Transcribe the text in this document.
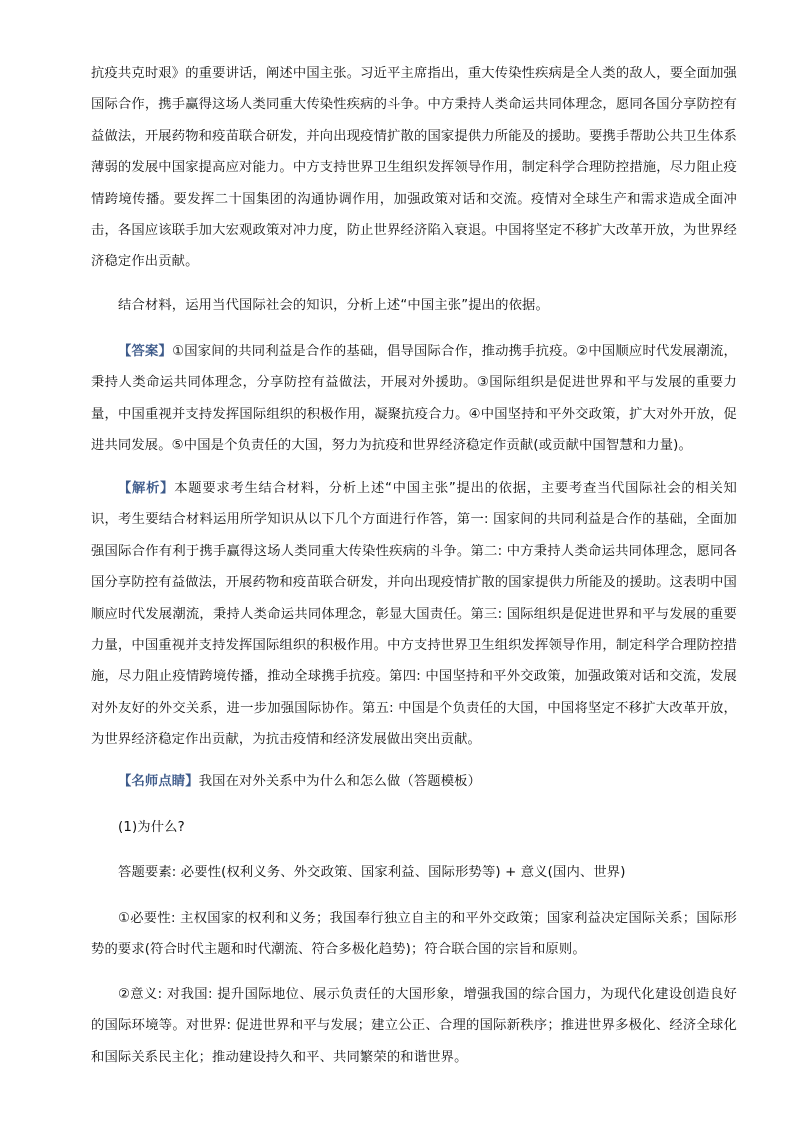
抗疫共克时艰》的重要讲话，阐述中国主张。习近平主席指出，重大传染性疾病是全人类的敌人，要全面加强国际合作，携手赢得这场人类同重大传染性疾病的斗争。中方秉持人类命运共同体理念，愿同各国分享防控有益做法，开展药物和疫苗联合研发，并向出现疫情扩散的国家提供力所能及的援助。要携手帮助公共卫生体系薄弱的发展中国家提高应对能力。中方支持世界卫生组织发挥领导作用，制定科学合理防控措施，尽力阻止疫情跨境传播。要发挥二十国集团的沟通协调作用，加强政策对话和交流。疫情对全球生产和需求造成全面冲击，各国应该联手加大宏观政策对冲力度，防止世界经济陷入衰退。中国将坚定不移扩大改革开放，为世界经济稳定作出贡献。

结合材料，运用当代国际社会的知识，分析上述“中国主张”提出的依据。

【答案】①国家间的共同利益是合作的基础，倡导国际合作，推动携手抗疫。②中国顺应时代发展潮流，秉持人类命运共同体理念，分享防控有益做法，开展对外援助。③国际组织是促进世界和平与发展的重要力量，中国重视并支持发挥国际组织的积极作用，凝聚抗疫合力。④中国坚持和平外交政策，扩大对外开放，促进共同发展。⑤中国是个负责任的大国，努力为抗疫和世界经济稳定作贡献(或贡献中国智慧和力量)。

【解析】本题要求考生结合材料，分析上述“中国主张”提出的依据，主要考查当代国际社会的相关知识，考生要结合材料运用所学知识从以下几个方面进行作答，第一: 国家间的共同利益是合作的基础，全面加强国际合作有利于携手赢得这场人类同重大传染性疾病的斗争。第二: 中方秉持人类命运共同体理念，愿同各国分享防控有益做法，开展药物和疫苗联合研发，并向出现疫情扩散的国家提供力所能及的援助。这表明中国顺应时代发展潮流，秉持人类命运共同体理念，彰显大国责任。第三: 国际组织是促进世界和平与发展的重要力量，中国重视并支持发挥国际组织的积极作用。中方支持世界卫生组织发挥领导作用，制定科学合理防控措施，尽力阻止疫情跨境传播，推动全球携手抗疫。第四: 中国坚持和平外交政策，加强政策对话和交流，发展对外友好的外交关系，进一步加强国际协作。第五: 中国是个负责任的大国，中国将坚定不移扩大改革开放，为世界经济稳定作出贡献，为抗击疫情和经济发展做出突出贡献。

【名师点睛】我国在对外关系中为什么和怎么做（答题模板）

(1)为什么?

答题要素: 必要性(权利义务、外交政策、国家利益、国际形势等) + 意义(国内、世界)

①必要性: 主权国家的权利和义务；我国奉行独立自主的和平外交政策；国家利益决定国际关系；国际形势的要求(符合时代主题和时代潮流、符合多极化趋势)；符合联合国的宗旨和原则。

②意义: 对我国: 提升国际地位、展示负责任的大国形象，增强我国的综合国力，为现代化建设创造良好的国际环境等。对世界: 促进世界和平与发展；建立公正、合理的国际新秩序；推进世界多极化、经济全球化和国际关系民主化；推动建设持久和平、共同繁荣的和谐世界。
